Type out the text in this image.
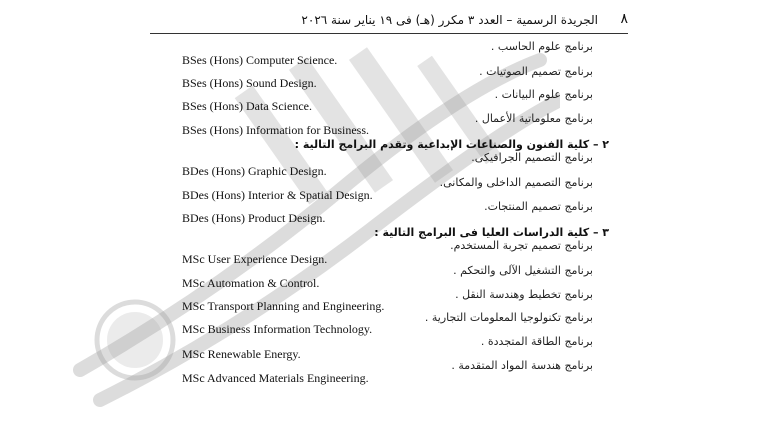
٨
الجريدة الرسمية – العدد ٣ مكرر (هـ) فى ١٩ يناير سنة ٢٠٢٦
برنامج علوم الحاسب .
BSes (Hons) Computer Science.
برنامج تصميم الصوتيات .
BSes (Hons) Sound Design.
برنامج علوم البيانات .
BSes (Hons) Data Science.
برنامج معلوماتية الأعمال .
BSes (Hons) Information for Business.
٢ – كلية الفنون والصناعات الإبداعية وتقدم البرامج التالية :
برنامج التصميم الجرافيكى.
BDes (Hons) Graphic Design.
برنامج التصميم الداخلى والمكانى.
BDes (Hons) Interior & Spatial Design.
برنامج تصميم المنتجات.
BDes (Hons) Product Design.
٣ – كلية الدراسات العليا فى البرامج التالية :
برنامج تصميم تجربة المستخدم.
MSc User Experience Design.
برنامج التشغيل الآلى والتحكم .
MSc Automation & Control.
برنامج تخطيط وهندسة النقل .
MSc Transport Planning and Engineering.
برنامج تكنولوجيا المعلومات التجارية .
MSc Business Information Technology.
برنامج الطاقة المتجددة .
MSc Renewable Energy.
برنامج هندسة المواد المتقدمة .
MSc Advanced Materials Engineering.
